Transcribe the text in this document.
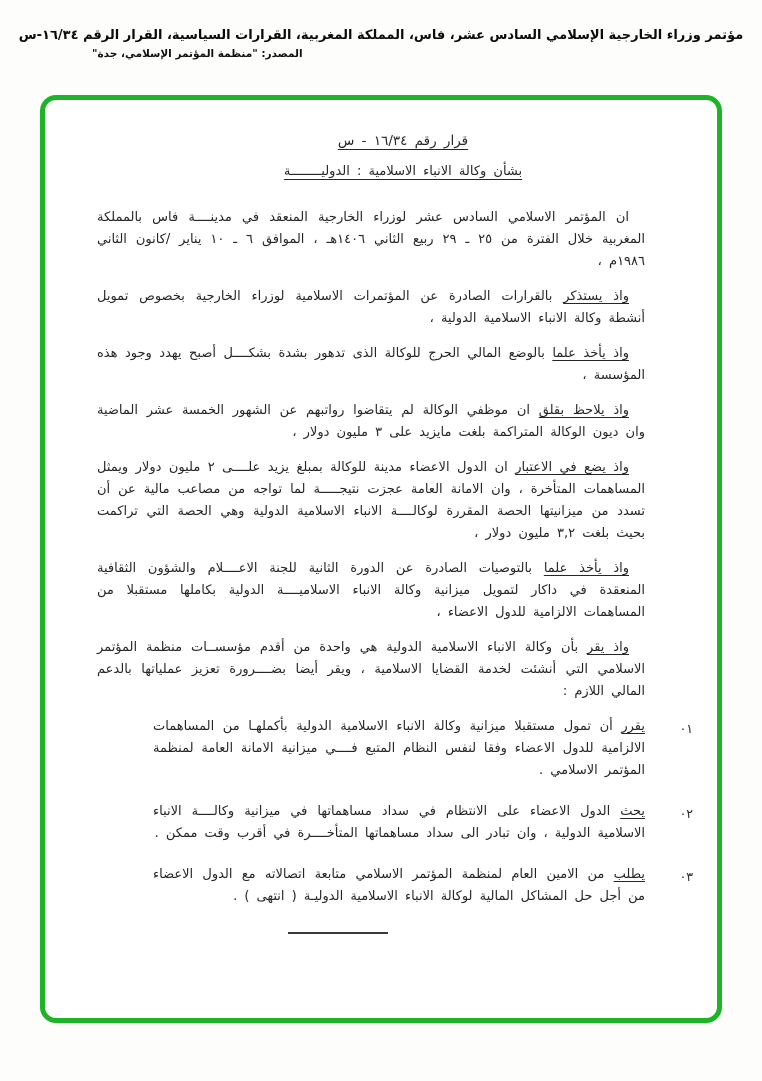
مؤتمر وزراء الخارجية الإسلامي السادس عشر، فاس، المملكة المغربية، القرارات السياسية، القرار الرقم ١٦/٣٤-س
المصدر: "منظمة المؤتمر الإسلامي، جدة"
قرار رقم ١٦/٣٤ - س
بشأن وكالة الانباء الاسلامية : الدوليــــــــة

ان المؤتمر الاسلامي السادس عشر لوزراء الخارجية المنعقد في مدينــــة فاس بالمملكة المغربية خلال الفترة من ٢٥ ـ ٢٩ ربيع الثاني ١٤٠٦هـ ، الموافق ٦ ـ ١٠ يناير /كانون الثاني ١٩٨٦م ،

واذ يستذكر بالقرارات الصادرة عن المؤتمرات الاسلامية لوزراء الخارجية بخصوص تمويل أنشطة وكالة الانباء الاسلامية الدولية ،

واذ يأخذ علما بالوضع المالي الحرج للوكالة الذى تدهور بشدة بشكــــل أصبح يهدد وجود هذه المؤسسة ،

واذ يلاحظ بقلق ان موظفي الوكالة لم يتقاضوا رواتبهم عن الشهور الخمسة عشر الماضية وان ديون الوكالة المتراكمة بلغت مايزيد على ٣ مليون دولار ،

واذ يضع في الاعتبار ان الدول الاعضاء مدينة للوكالة بمبلغ يزيد علــــى ٢ مليون دولار ويمثل المساهمات المتأخرة ، وان الامانة العامة عجزت نتيجـــــة لما تواجه من مصاعب مالية عن أن تسدد من ميزانيتها الحصة المقررة لوكالــــة الانباء الاسلامية الدولية وهي الحصة التي تراكمت بحيث بلغت ٣,٢ مليون دولار ،

واذ يأخذ علما بالتوصيات الصادرة عن الدورة الثانية للجنة الاعــــلام والشؤون الثقافية المنعقدة في داكار لتمويل ميزانية وكالة الانباء الاسلاميــــة الدولية بكاملها مستقبلا من المساهمات الالزامية للدول الاعضاء ،

واذ يقر بأن وكالة الانباء الاسلامية الدولية هي واحدة من أقدم مؤسســات منظمة المؤتمر الاسلامي التي أنشئت لخدمة القضايا الاسلامية ، ويقر أيضا بضــــرورة تعزيز عملياتها بالدعم المالي اللازم :

٠١

يقرر أن تمول مستقبلا ميزانية وكالة الانباء الاسلامية الدولية بأكملهـا من المساهمات الالزامية للدول الاعضاء وفقا لنفس النظام المتبع فــــي ميزانية الامانة العامة لمنظمة المؤتمر الاسلامي .

٠٢

يحث الدول الاعضاء على الانتظام في سداد مساهماتها في ميزانية وكالــــة الانباء الاسلامية الدولية ، وان تبادر الى سداد مساهماتها المتأخــــرة في أقرب وقت ممكن .

٠٣

يطلب من الامين العام لمنظمة المؤتمر الاسلامي متابعة اتصالاته مع الدول الاعضاء من أجل حل المشاكل المالية لوكالة الانباء الاسلامية الدوليـة ( انتهى ) .
